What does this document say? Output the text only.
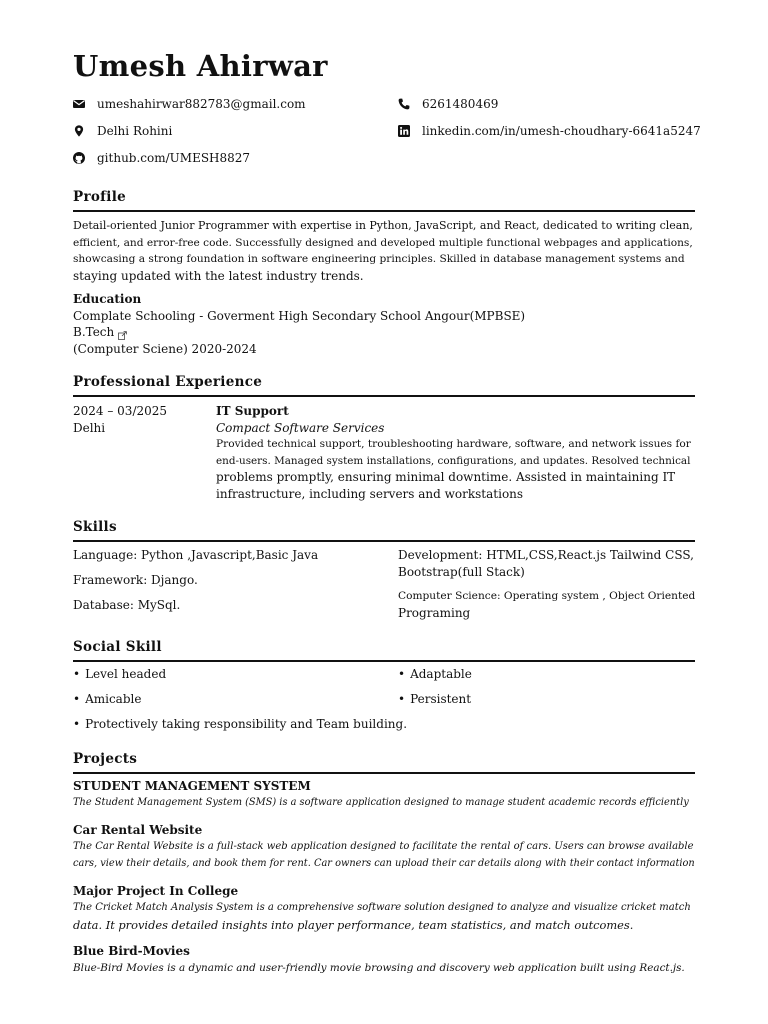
Umesh Ahirwar
umeshahirwar882783@gmail.com	6261480469
Delhi Rohini	linkedin.com/in/umesh-choudhary-6641a5247
github.com/UMESH8827
Profile
Detail-oriented Junior Programmer with expertise in Python, JavaScript, and React, dedicated to writing clean,
efficient, and error-free code. Successfully designed and developed multiple functional webpages and applications,
showcasing a strong foundation in software engineering principles. Skilled in database management systems and
staying updated with the latest industry trends.
Education
Complate Schooling - Goverment High Secondary School Angour(MPBSE)
B.Tech
(Computer Sciene) 2020-2024
Professional Experience
2024 – 03/2025
Delhi
IT Support
Compact Software Services
Provided technical support, troubleshooting hardware, software, and network issues for
end-users. Managed system installations, configurations, and updates. Resolved technical
problems promptly, ensuring minimal downtime. Assisted in maintaining IT
infrastructure, including servers and workstations
Skills
Language: Python ,Javascript,Basic Java
Framework: Django.
Database: MySql.
Development: HTML,CSS,React.js Tailwind CSS,
Bootstrap(full Stack)
Computer Science: Operating system , Object Oriented
Programing
Social Skill
• Level headed	• Adaptable
• Amicable	• Persistent
• Protectively taking responsibility and Team building.
Projects
STUDENT MANAGEMENT SYSTEM
The Student Management System (SMS) is a software application designed to manage student academic records efficiently
Car Rental Website
The Car Rental Website is a full-stack web application designed to facilitate the rental of cars. Users can browse available
cars, view their details, and book them for rent. Car owners can upload their car details along with their contact information
Major Project In College
The Cricket Match Analysis System is a comprehensive software solution designed to analyze and visualize cricket match
data. It provides detailed insights into player performance, team statistics, and match outcomes.
Blue Bird-Movies
Blue-Bird Movies is a dynamic and user-friendly movie browsing and discovery web application built using React.js.
